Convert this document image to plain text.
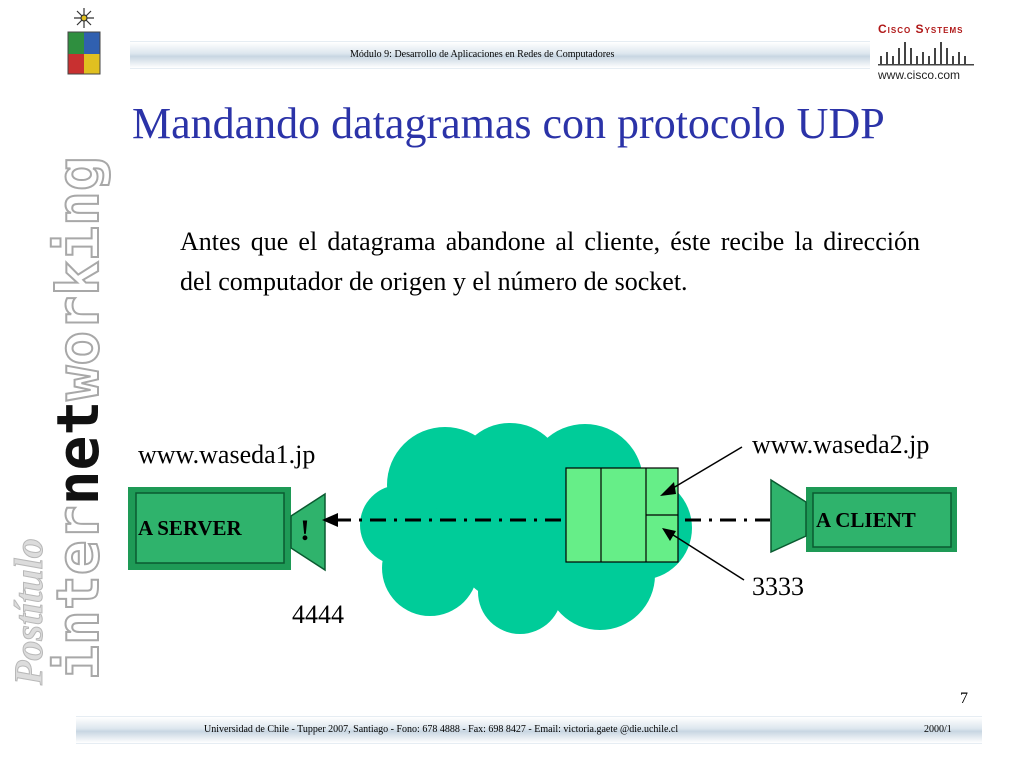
Módulo 9: Desarrollo de Aplicaciones en Redes de Computadores
Cisco Systems
www.cisco.com
Postítulo
internetworking
Mandando datagramas con protocolo UDP
Antes que el datagrama abandone al cliente, éste recibe la dirección del computador de origen y el número de socket.
www.waseda1.jp	www.waseda2.jp
A SERVER	A CLIENT
!
4444
3333
7
Universidad de Chile - Tupper 2007, Santiago - Fono: 678 4888 - Fax: 698 8427 - Email: victoria.gaete @die.uchile.cl	2000/1
